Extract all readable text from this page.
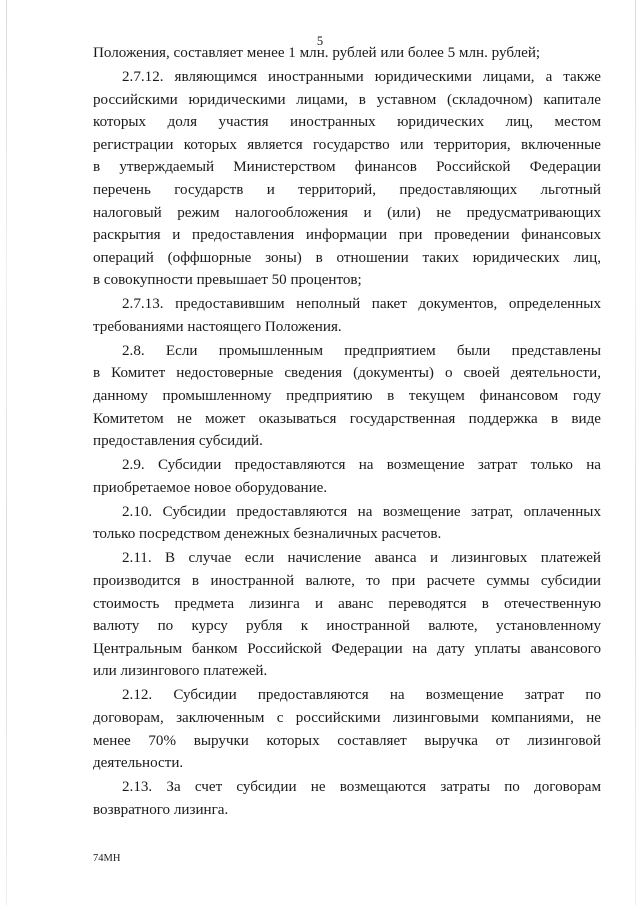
5
Положения, составляет менее 1 млн. рублей или более 5 млн. рублей;
2.7.12. являющимся иностранными юридическими лицами, а также
российскими юридическими лицами, в уставном (складочном) капитале
которых доля участия иностранных юридических лиц, местом
регистрации которых является государство или территория, включенные
в утверждаемый Министерством финансов Российской Федерации
перечень государств и территорий, предоставляющих льготный
налоговый режим налогообложения и (или) не предусматривающих
раскрытия и предоставления информации при проведении финансовых
операций (оффшорные зоны) в отношении таких юридических лиц,
в совокупности превышает 50 процентов;
2.7.13. предоставившим неполный пакет документов, определенных
требованиями настоящего Положения.
2.8. Если промышленным предприятием были представлены
в Комитет недостоверные сведения (документы) о своей деятельности,
данному промышленному предприятию в текущем финансовом году
Комитетом не может оказываться государственная поддержка в виде
предоставления субсидий.
2.9. Субсидии предоставляются на возмещение затрат только на
приобретаемое новое оборудование.
2.10. Субсидии предоставляются на возмещение затрат, оплаченных
только посредством денежных безналичных расчетов.
2.11. В случае если начисление аванса и лизинговых платежей
производится в иностранной валюте, то при расчете суммы субсидии
стоимость предмета лизинга и аванс переводятся в отечественную
валюту по курсу рубля к иностранной валюте, установленному
Центральным банком Российской Федерации на дату уплаты авансового
или лизингового платежей.
2.12. Субсидии предоставляются на возмещение затрат по
договорам, заключенным с российскими лизинговыми компаниями, не
менее 70% выручки которых составляет выручка от лизинговой
деятельности.
2.13. За счет субсидии не возмещаются затраты по договорам
возвратного лизинга.
74МН
